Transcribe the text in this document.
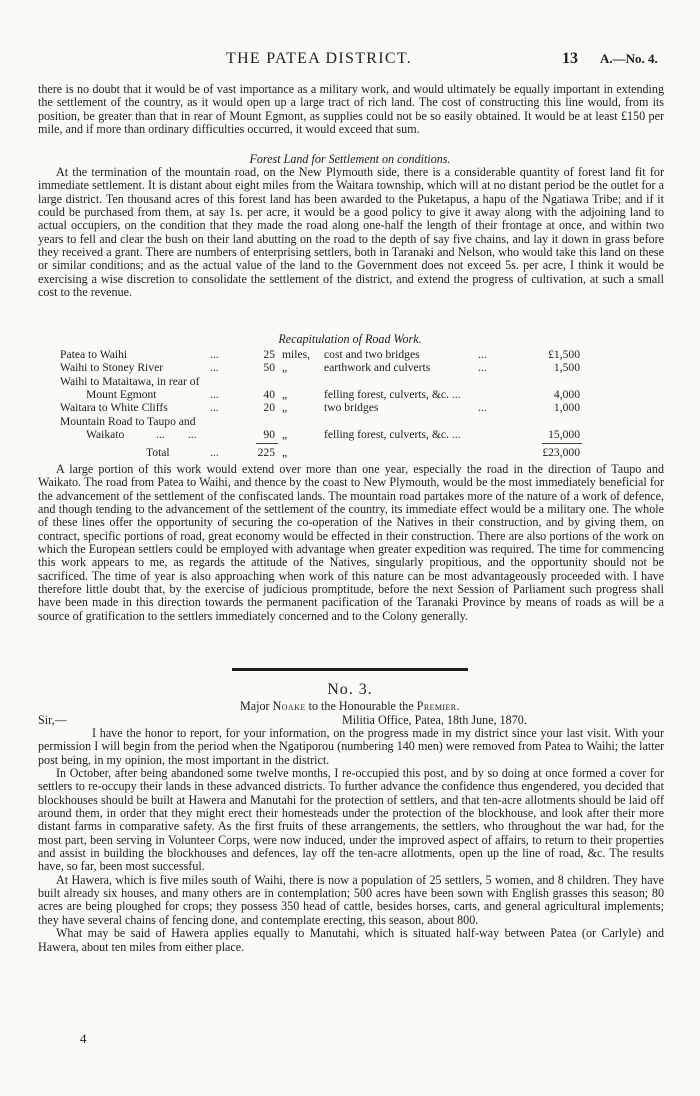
THE PATEA DISTRICT.	13 A.—No. 4.

there is no doubt that it would be of vast importance as a military work, and would ultimately be equally important in extending the settlement of the country, as it would open up a large tract of rich land. The cost of constructing this line would, from its position, be greater than that in rear of Mount Egmont, as supplies could not be so easily obtained. It would be at least £150 per mile, and if more than ordinary difficulties occurred, it would exceed that sum.

Forest Land for Settlement on conditions.

At the termination of the mountain road, on the New Plymouth side, there is a considerable quantity of forest land fit for immediate settlement. It is distant about eight miles from the Waitara township, which will at no distant period be the outlet for a large district. Ten thousand acres of this forest land has been awarded to the Puketapus, a hapu of the Ngatiawa Tribe; and if it could be purchased from them, at say 1s. per acre, it would be a good policy to give it away along with the adjoining land to actual occupiers, on the condition that they made the road along one-half the length of their frontage at once, and within two years to fell and clear the bush on their land abutting on the road to the depth of say five chains, and lay it down in grass before they received a grant. There are numbers of enterprising settlers, both in Taranaki and Nelson, who would take this land on these or similar conditions; and as the actual value of the land to the Government does not exceed 5s. per acre, I think it would be exercising a wise discretion to consolidate the settlement of the district, and extend the progress of cultivation, at such a small cost to the revenue.

Recapitulation of Road Work.
Patea to Waihi	...	25 miles, cost and two bridges	...	£1,500
Waihi to Stoney River	...	50 „	earthwork and culverts	...	1,500
Waihi to Mataitawa, in rear of
Mount Egmont	...	40 „	felling forest, culverts, &c. ...	4,000
Waitara to White Cliffs	...	20 „	two bridges	...	1,000
Mountain Road to Taupo and
Waikato	...        ...	90 „	felling forest, culverts, &c. ...	15,000
Total	...	225 „	£23,000

A large portion of this work would extend over more than one year, especially the road in the direction of Taupo and Waikato. The road from Patea to Waihi, and thence by the coast to New Plymouth, would be the most immediately beneficial for the advancement of the settlement of the confiscated lands. The mountain road partakes more of the nature of a work of defence, and though tending to the advancement of the settlement of the country, its immediate effect would be a military one. The whole of these lines offer the opportunity of securing the co-operation of the Natives in their construction, and by giving them, on contract, specific portions of road, great economy would be effected in their construction. There are also portions of the work on which the European settlers could be employed with advantage when greater expedition was required. The time for commencing this work appears to me, as regards the attitude of the Natives, singularly propitious, and the opportunity should not be sacrificed. The time of year is also approaching when work of this nature can be most advantageously proceeded with. I have therefore little doubt that, by the exercise of judicious promptitude, before the next Session of Parliament such progress shall have been made in this direction towards the permanent pacification of the Taranaki Province by means of roads as will be a source of gratification to the settlers immediately concerned and to the Colony generally.

No. 3.
Major Noake to the Honourable the Premier.
Sir,—	Militia Office, Patea, 18th June, 1870.

I have the honor to report, for your information, on the progress made in my district since your last visit. With your permission I will begin from the period when the Ngatiporou (numbering 140 men) were removed from Patea to Waihi; the latter post being, in my opinion, the most important in the district.

In October, after being abandoned some twelve months, I re-occupied this post, and by so doing at once formed a cover for settlers to re-occupy their lands in these advanced districts. To further advance the confidence thus engendered, you decided that blockhouses should be built at Hawera and Manutahi for the protection of settlers, and that ten-acre allotments should be laid off around them, in order that they might erect their homesteads under the protection of the blockhouse, and look after their more distant farms in comparative safety. As the first fruits of these arrangements, the settlers, who throughout the war had, for the most part, been serving in Volunteer Corps, were now induced, under the improved aspect of affairs, to return to their properties and assist in building the blockhouses and defences, lay off the ten-acre allotments, open up the line of road, &c. The results have, so far, been most successful.

At Hawera, which is five miles south of Waihi, there is now a population of 25 settlers, 5 women, and 8 children. They have built already six houses, and many others are in contemplation; 500 acres have been sown with English grasses this season; 80 acres are being ploughed for crops; they possess 350 head of cattle, besides horses, carts, and general agricultural implements; they have several chains of fencing done, and contemplate erecting, this season, about 800.

What may be said of Hawera applies equally to Manutahi, which is situated half-way between Patea (or Carlyle) and Hawera, about ten miles from either place.

4
